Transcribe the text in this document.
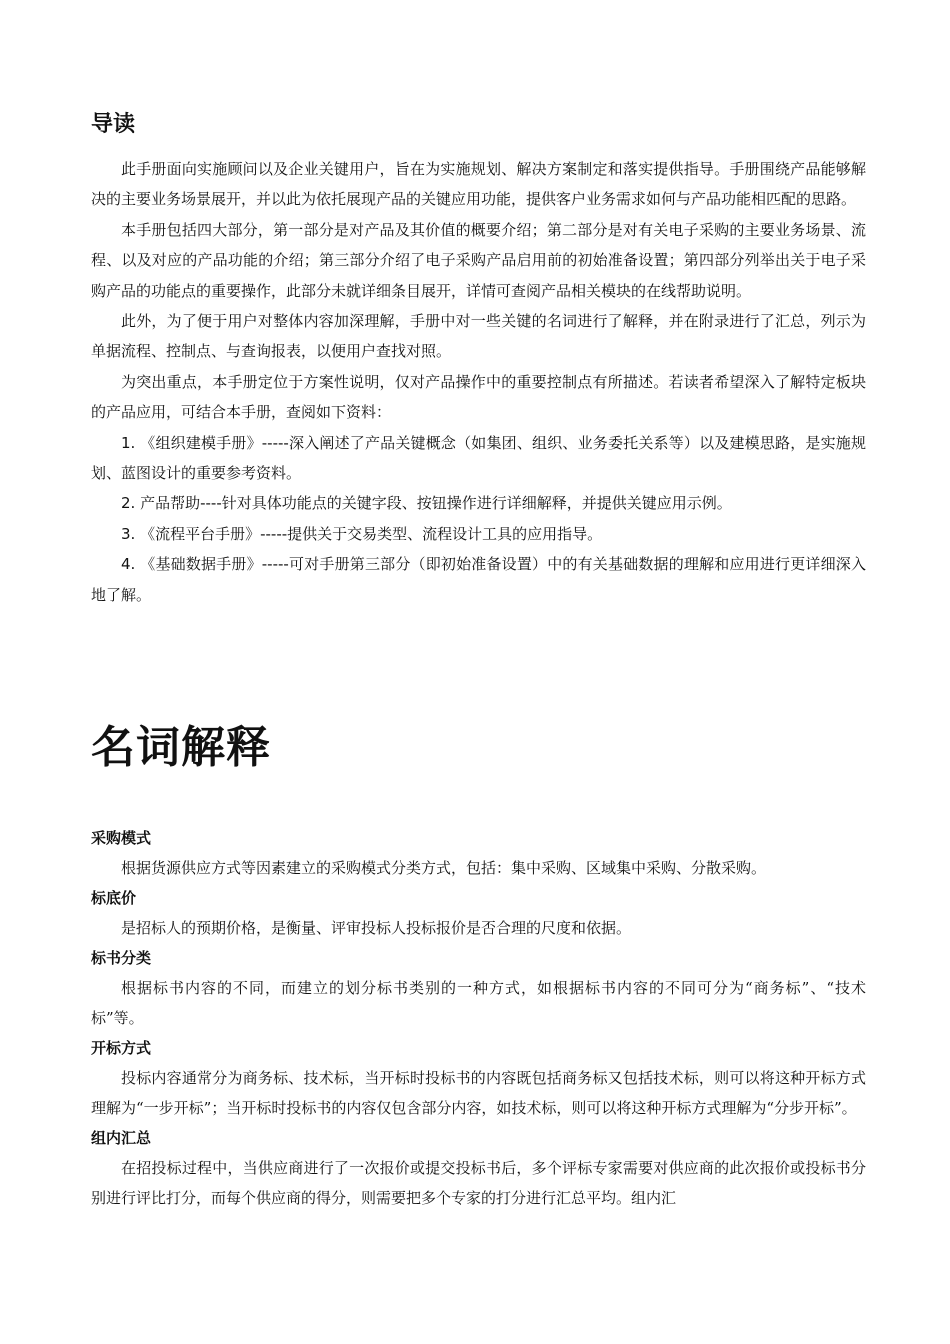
导读

此手册面向实施顾问以及企业关键用户，旨在为实施规划、解决方案制定和落实提供指导。手册围绕产品能够解决的主要业务场景展开，并以此为依托展现产品的关键应用功能，提供客户业务需求如何与产品功能相匹配的思路。

本手册包括四大部分，第一部分是对产品及其价值的概要介绍；第二部分是对有关电子采购的主要业务场景、流程、以及对应的产品功能的介绍；第三部分介绍了电子采购产品启用前的初始准备设置；第四部分列举出关于电子采购产品的功能点的重要操作，此部分未就详细条目展开，详情可查阅产品相关模块的在线帮助说明。

此外，为了便于用户对整体内容加深理解，手册中对一些关键的名词进行了解释，并在附录进行了汇总，列示为单据流程、控制点、与查询报表，以便用户查找对照。

为突出重点，本手册定位于方案性说明，仅对产品操作中的重要控制点有所描述。若读者希望深入了解特定板块的产品应用，可结合本手册，查阅如下资料：

1. 《组织建模手册》-----深入阐述了产品关键概念（如集团、组织、业务委托关系等）以及建模思路，是实施规划、蓝图设计的重要参考资料。

2. 产品帮助----针对具体功能点的关键字段、按钮操作进行详细解释，并提供关键应用示例。

3. 《流程平台手册》-----提供关于交易类型、流程设计工具的应用指导。

4. 《基础数据手册》-----可对手册第三部分（即初始准备设置）中的有关基础数据的理解和应用进行更详细深入地了解。

名词解释
采购模式
根据货源供应方式等因素建立的采购模式分类方式，包括：集中采购、区域集中采购、分散采购。
标底价
是招标人的预期价格，是衡量、评审投标人投标报价是否合理的尺度和依据。
标书分类
根据标书内容的不同，而建立的划分标书类别的一种方式，如根据标书内容的不同可分为“商务标”、“技术标”等。
开标方式
投标内容通常分为商务标、技术标，当开标时投标书的内容既包括商务标又包括技术标，则可以将这种开标方式理解为“一步开标”；当开标时投标书的内容仅包含部分内容，如技术标，则可以将这种开标方式理解为“分步开标”。
组内汇总
在招投标过程中，当供应商进行了一次报价或提交投标书后，多个评标专家需要对供应商的此次报价或投标书分别进行评比打分，而每个供应商的得分，则需要把多个专家的打分进行汇总平均。组内汇
